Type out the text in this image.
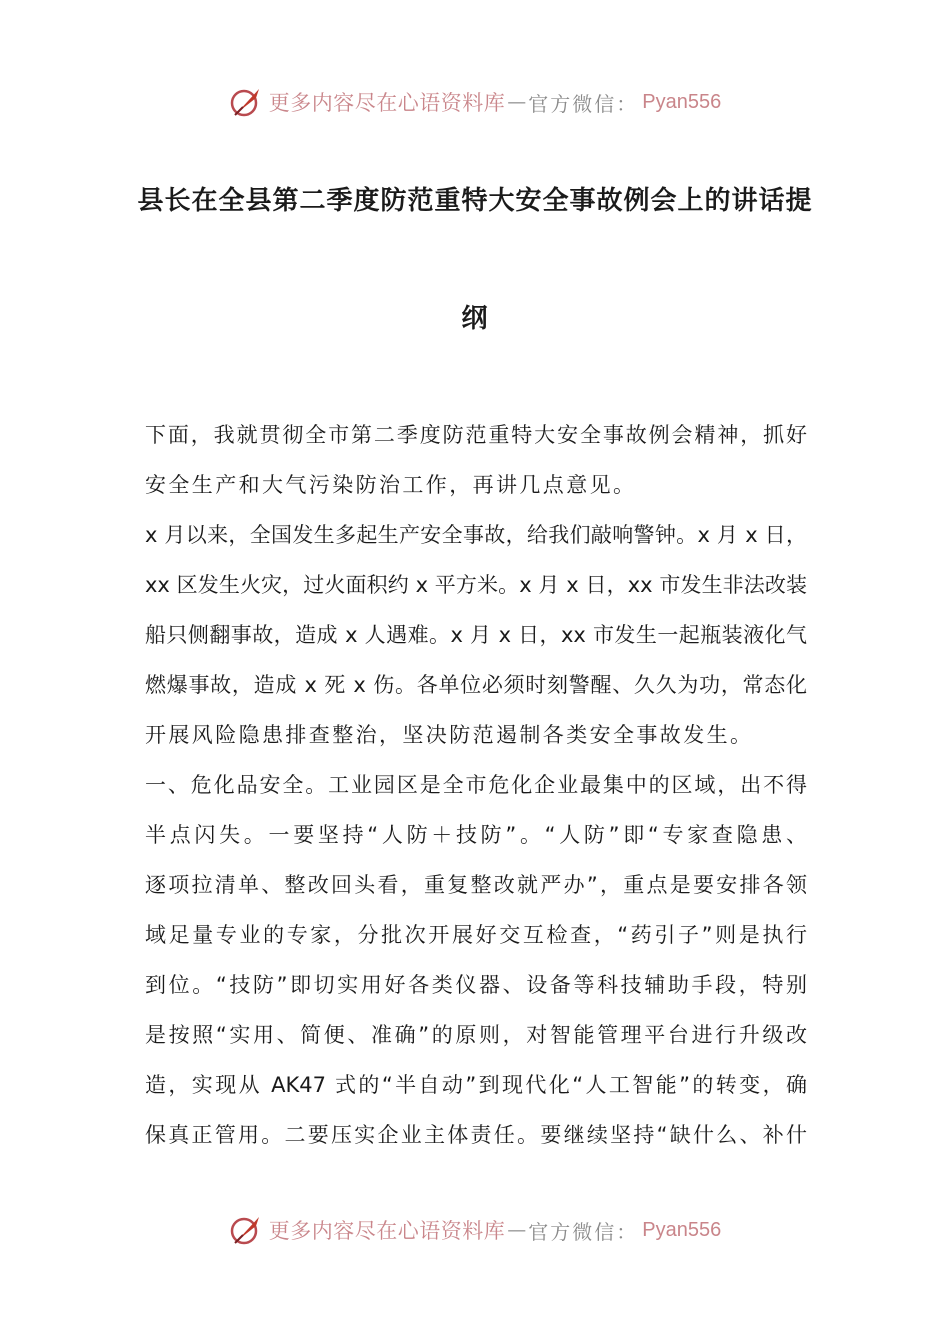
更多内容尽在心语资料库 — 官方微信： Pyan556
县长在全县第二季度防范重特大安全事故例会上的讲话提
纲
下面，我就贯彻全市第二季度防范重特大安全事故例会精神，抓好
安全生产和大气污染防治工作，再讲几点意见。
x 月以来，全国发生多起生产安全事故，给我们敲响警钟。x 月 x 日，
xx 区发生火灾，过火面积约 x 平方米。x 月 x 日，xx 市发生非法改装
船只侧翻事故，造成 x 人遇难。x 月 x 日，xx 市发生一起瓶装液化气
燃爆事故，造成 x 死 x 伤。各单位必须时刻警醒、久久为功，常态化
开展风险隐患排查整治，坚决防范遏制各类安全事故发生。
一、危化品安全。工业园区是全市危化企业最集中的区域，出不得
半点闪失。一要坚持“人防＋技防”。“人防”即“专家查隐患、
逐项拉清单、整改回头看，重复整改就严办”，重点是要安排各领
域足量专业的专家，分批次开展好交互检查，“药引子”则是执行
到位。“技防”即切实用好各类仪器、设备等科技辅助手段，特别
是按照“实用、简便、准确”的原则，对智能管理平台进行升级改
造，实现从 AK47 式的“半自动”到现代化“人工智能”的转变，确
保真正管用。二要压实企业主体责任。要继续坚持“缺什么、补什
更多内容尽在心语资料库 — 官方微信： Pyan556
